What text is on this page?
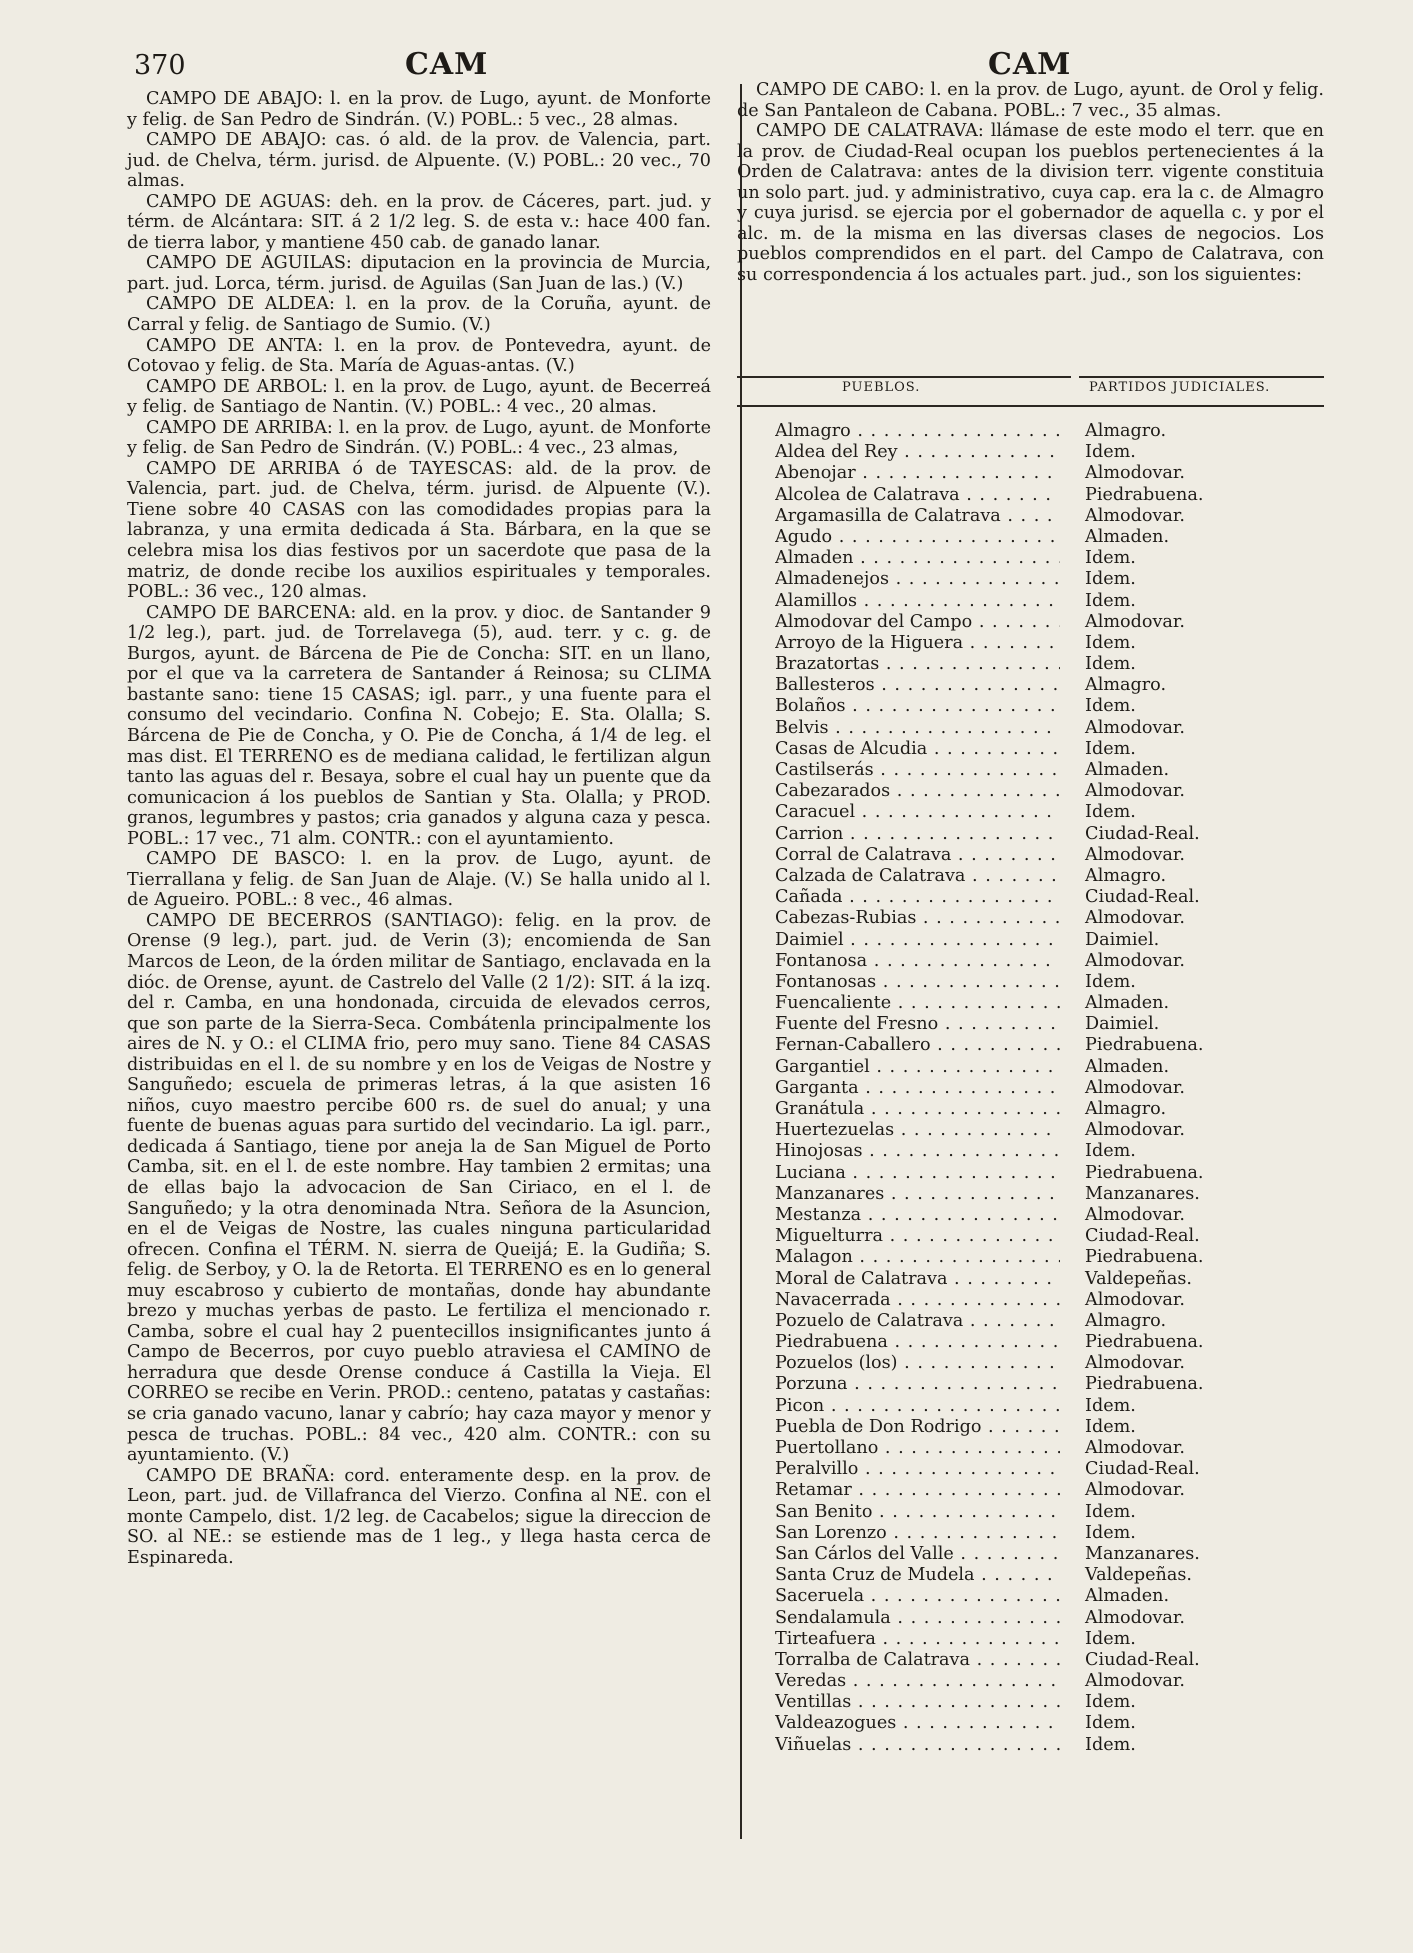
370	CAM	CAM

CAMPO DE ABAJO: l. en la prov. de Lugo, ayunt. de Monforte y felig. de San Pedro de Sindrán. (V.) POBL.: 5 vec., 28 almas.

CAMPO DE ABAJO: cas. ó ald. de la prov. de Valencia, part. jud. de Chelva, térm. jurisd. de Alpuente. (V.) POBL.: 20 vec., 70 almas.

CAMPO DE AGUAS: deh. en la prov. de Cáceres, part. jud. y térm. de Alcántara: SIT. á 2 1/2 leg. S. de esta v.: hace 400 fan. de tierra labor, y mantiene 450 cab. de ganado lanar.

CAMPO DE AGUILAS: diputacion en la provincia de Murcia, part. jud. Lorca, térm. jurisd. de Aguilas (San Juan de las.) (V.)

CAMPO DE ALDEA: l. en la prov. de la Coruña, ayunt. de Carral y felig. de Santiago de Sumio. (V.)

CAMPO DE ANTA: l. en la prov. de Pontevedra, ayunt. de Cotovao y felig. de Sta. María de Aguas-antas. (V.)

CAMPO DE ARBOL: l. en la prov. de Lugo, ayunt. de Becerreá y felig. de Santiago de Nantin. (V.) POBL.: 4 vec., 20 almas.

CAMPO DE ARRIBA: l. en la prov. de Lugo, ayunt. de Monforte y felig. de San Pedro de Sindrán. (V.) POBL.: 4 vec., 23 almas,

CAMPO DE ARRIBA ó de TAYESCAS: ald. de la prov. de Valencia, part. jud. de Chelva, térm. jurisd. de Alpuente (V.). Tiene sobre 40 CASAS con las comodidades propias para la labranza, y una ermita dedicada á Sta. Bárbara, en la que se celebra misa los dias festivos por un sacerdote que pasa de la matriz, de donde recibe los auxilios espirituales y temporales. POBL.: 36 vec., 120 almas.

CAMPO DE BARCENA: ald. en la prov. y dioc. de Santander 9 1/2 leg.), part. jud. de Torrelavega (5), aud. terr. y c. g. de Burgos, ayunt. de Bárcena de Pie de Concha: SIT. en un llano, por el que va la carretera de Santander á Reinosa; su CLIMA bastante sano: tiene 15 CASAS; igl. parr., y una fuente para el consumo del vecindario. Confina N. Cobejo; E. Sta. Olalla; S. Bárcena de Pie de Concha, y O. Pie de Concha, á 1/4 de leg. el mas dist. El TERRENO es de mediana calidad, le fertilizan algun tanto las aguas del r. Besaya, sobre el cual hay un puente que da comunicacion á los pueblos de Santian y Sta. Olalla; y PROD. granos, legumbres y pastos; cria ganados y alguna caza y pesca. POBL.: 17 vec., 71 alm. CONTR.: con el ayuntamiento.

CAMPO DE BASCO: l. en la prov. de Lugo, ayunt. de Tierrallana y felig. de San Juan de Alaje. (V.) Se halla unido al l. de Agueiro. POBL.: 8 vec., 46 almas.

CAMPO DE BECERROS (SANTIAGO): felig. en la prov. de Orense (9 leg.), part. jud. de Verin (3); encomienda de San Marcos de Leon, de la órden militar de Santiago, enclavada en la dióc. de Orense, ayunt. de Castrelo del Valle (2 1/2): SIT. á la izq. del r. Camba, en una hondonada, circuida de elevados cerros, que son parte de la Sierra-Seca. Combátenla principalmente los aires de N. y O.: el CLIMA frio, pero muy sano. Tiene 84 CASAS distribuidas en el l. de su nombre y en los de Veigas de Nostre y Sanguñedo; escuela de primeras letras, á la que asisten 16 niños, cuyo maestro percibe 600 rs. de suel do anual; y una fuente de buenas aguas para surtido del vecindario. La igl. parr., dedicada á Santiago, tiene por aneja la de San Miguel de Porto Camba, sit. en el l. de este nombre. Hay tambien 2 ermitas; una de ellas bajo la advocacion de San Ciriaco, en el l. de Sanguñedo; y la otra denominada Ntra. Señora de la Asuncion, en el de Veigas de Nostre, las cuales ninguna particularidad ofrecen. Confina el TÉRM. N. sierra de Queijá; E. la Gudiña; S. felig. de Serboy, y O. la de Retorta. El TERRENO es en lo general muy escabroso y cubierto de montañas, donde hay abundante brezo y muchas yerbas de pasto. Le fertiliza el mencionado r. Camba, sobre el cual hay 2 puentecillos insignificantes junto á Campo de Becerros, por cuyo pueblo atraviesa el CAMINO de herradura que desde Orense conduce á Castilla la Vieja. El CORREO se recibe en Verin. PROD.: centeno, patatas y castañas: se cria ganado vacuno, lanar y cabrío; hay caza mayor y menor y pesca de truchas. POBL.: 84 vec., 420 alm. CONTR.: con su ayuntamiento. (V.)

CAMPO DE BRAÑA: cord. enteramente desp. en la prov. de Leon, part. jud. de Villafranca del Vierzo. Confina al NE. con el monte Campelo, dist. 1/2 leg. de Cacabelos; sigue la direccion de SO. al NE.: se estiende mas de 1 leg., y llega hasta cerca de Espinareda.

CAMPO DE CABO: l. en la prov. de Lugo, ayunt. de Orol y felig. de San Pantaleon de Cabana. POBL.: 7 vec., 35 almas.

CAMPO DE CALATRAVA: llámase de este modo el terr. que en la prov. de Ciudad-Real ocupan los pueblos pertenecientes á la Orden de Calatrava: antes de la division terr. vigente constituia un solo part. jud. y administrativo, cuya cap. era la c. de Almagro y cuya jurisd. se ejercia por el gobernador de aquella c. y por el alc. m. de la misma en las diversas clases de negocios. Los pueblos comprendidos en el part. del Campo de Calatrava, con su correspondencia á los actuales part. jud., son los siguientes:

PUEBLOS.	PARTIDOS JUDICIALES.
Almagro . . .	Almagro.
Aldea del Rey . . .	Idem.
Abenojar . . .	Almodovar.
Alcolea de Calatrava . . .	Piedrabuena.
Argamasilla de Calatrava . . .	Almodovar.
Agudo . . .	Almaden.
Almaden . . .	Idem.
Almadenejos . . .	Idem.
Alamillos . . .	Idem.
Almodovar del Campo . . .	Almodovar.
Arroyo de la Higuera . . .	Idem.
Brazatortas . . .	Idem.
Ballesteros . . .	Almagro.
Bolaños . . .	Idem.
Belvis . . .	Almodovar.
Casas de Alcudia . . .	Idem.
Castilserás . . .	Almaden.
Cabezarados . . .	Almodovar.
Caracuel . . .	Idem.
Carrion . . .	Ciudad-Real.
Corral de Calatrava . . .	Almodovar.
Calzada de Calatrava . . .	Almagro.
Cañada . . .	Ciudad-Real.
Cabezas-Rubias . . .	Almodovar.
Daimiel . . .	Daimiel.
Fontanosa . . .	Almodovar.
Fontanosas . . .	Idem.
Fuencaliente . . .	Almaden.
Fuente del Fresno . . .	Daimiel.
Fernan-Caballero . . .	Piedrabuena.
Gargantiel . . .	Almaden.
Garganta . . .	Almodovar.
Granátula . . .	Almagro.
Huertezuelas . . .	Almodovar.
Hinojosas . . .	Idem.
Luciana . . .	Piedrabuena.
Manzanares . . .	Manzanares.
Mestanza . . .	Almodovar.
Miguelturra . . .	Ciudad-Real.
Malagon . . .	Piedrabuena.
Moral de Calatrava . . .	Valdepeñas.
Navacerrada . . .	Almodovar.
Pozuelo de Calatrava . . .	Almagro.
Piedrabuena . . .	Piedrabuena.
Pozuelos (los) . . .	Almodovar.
Porzuna . . .	Piedrabuena.
Picon . . .	Idem.
Puebla de Don Rodrigo . . .	Idem.
Puertollano . . .	Almodovar.
Peralvillo . . .	Ciudad-Real.
Retamar . . .	Almodovar.
San Benito . . .	Idem.
San Lorenzo . . .	Idem.
San Cárlos del Valle . . .	Manzanares.
Santa Cruz de Mudela . . .	Valdepeñas.
Saceruela . . .	Almaden.
Sendalamula . . .	Almodovar.
Tirteafuera . . .	Idem.
Torralba de Calatrava . . .	Ciudad-Real.
Veredas . . .	Almodovar.
Ventillas . . .	Idem.
Valdeazogues . . .	Idem.
Viñuelas . . .	Idem.
